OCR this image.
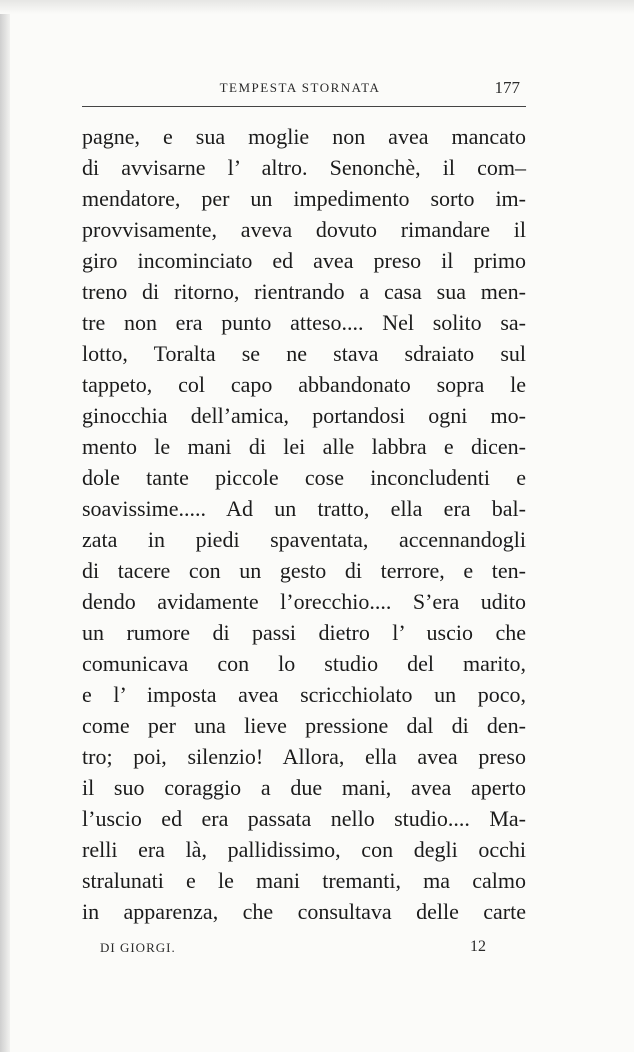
TEMPESTA STORNATA	177
pagne, e sua moglie non avea mancato
di avvisarne l’ altro. Senonchè, il com–
mendatore, per un impedimento sorto im-
provvisamente, aveva dovuto rimandare il
giro incominciato ed avea preso il primo
treno di ritorno, rientrando a casa sua men-
tre non era punto atteso.... Nel solito sa-
lotto, Toralta se ne stava sdraiato sul
tappeto, col capo abbandonato sopra le
ginocchia dell’amica, portandosi ogni mo-
mento le mani di lei alle labbra e dicen-
dole tante piccole cose inconcludenti e
soavissime..... Ad un tratto, ella era bal-
zata in piedi spaventata, accennandogli
di tacere con un gesto di terrore, e ten-
dendo avidamente l’orecchio.... S’era udito
un rumore di passi dietro l’ uscio che
comunicava con lo studio del marito,
e l’ imposta avea scricchiolato un poco,
come per una lieve pressione dal di den-
tro; poi, silenzio! Allora, ella avea preso
il suo coraggio a due mani, avea aperto
l’uscio ed era passata nello studio.... Ma-
relli era là, pallidissimo, con degli occhi
stralunati e le mani tremanti, ma calmo
in apparenza, che consultava delle carte
DI GIORGI.	12
